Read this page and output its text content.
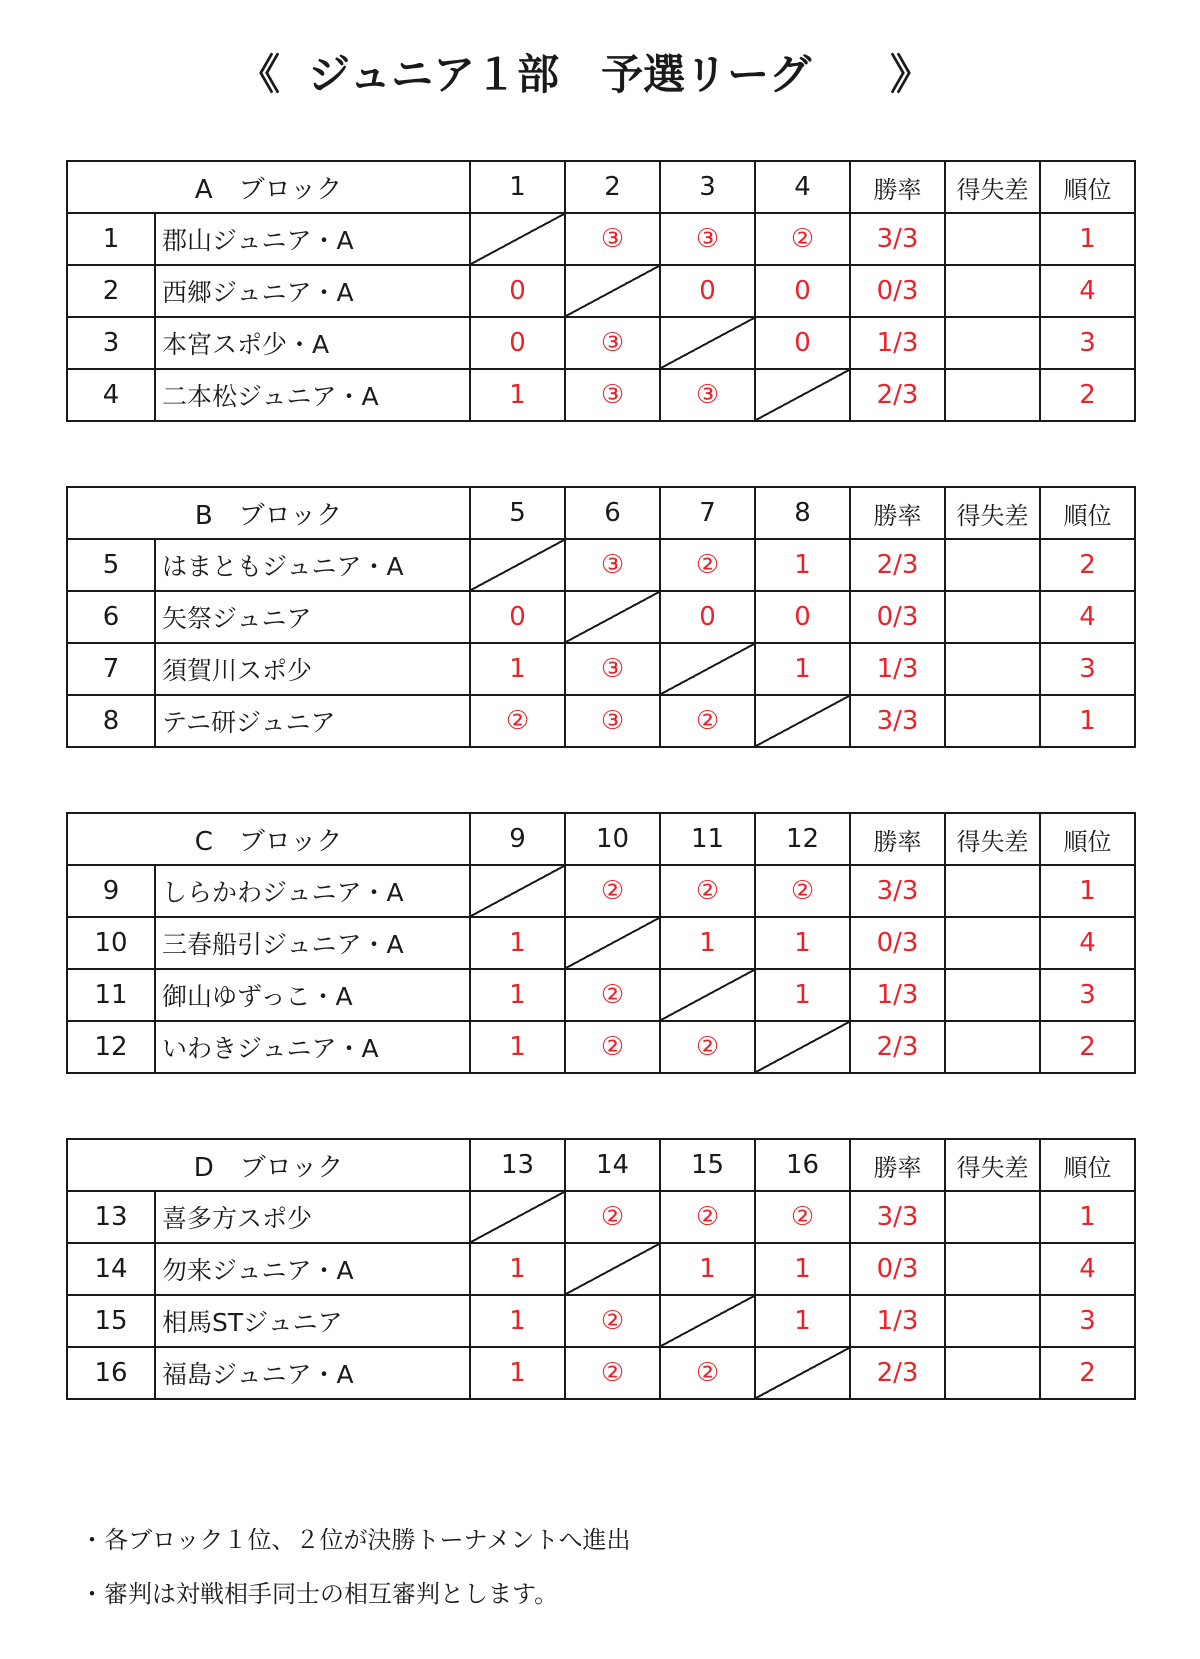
《 ジュニア１部　予選リーグ 》
A　ブロック		1	2	3	4	勝率	得失差	順位
1	郡山ジュニア・A		③	③	②	3/3		1
2	西郷ジュニア・A	0		0	0	0/3		4
3	本宮スポ少・A	0	③		0	1/3		3
4	二本松ジュニア・A	1	③	③		2/3		2
B　ブロック		5	6	7	8	勝率	得失差	順位
5	はまともジュニア・A		③	②	1	2/3		2
6	矢祭ジュニア	0		0	0	0/3		4
7	須賀川スポ少	1	③		1	1/3		3
8	テニ研ジュニア	②	③	②		3/3		1
C　ブロック		9	10	11	12	勝率	得失差	順位
9	しらかわジュニア・A		②	②	②	3/3		1
10	三春船引ジュニア・A	1		1	1	0/3		4
11	御山ゆずっこ・A	1	②		1	1/3		3
12	いわきジュニア・A	1	②	②		2/3		2
D　ブロック		13	14	15	16	勝率	得失差	順位
13	喜多方スポ少		②	②	②	3/3		1
14	勿来ジュニア・A	1		1	1	0/3		4
15	相馬STジュニア	1	②		1	1/3		3
16	福島ジュニア・A	1	②	②		2/3		2
・各ブロック１位、２位が決勝トーナメントへ進出
・審判は対戦相手同士の相互審判とします。
